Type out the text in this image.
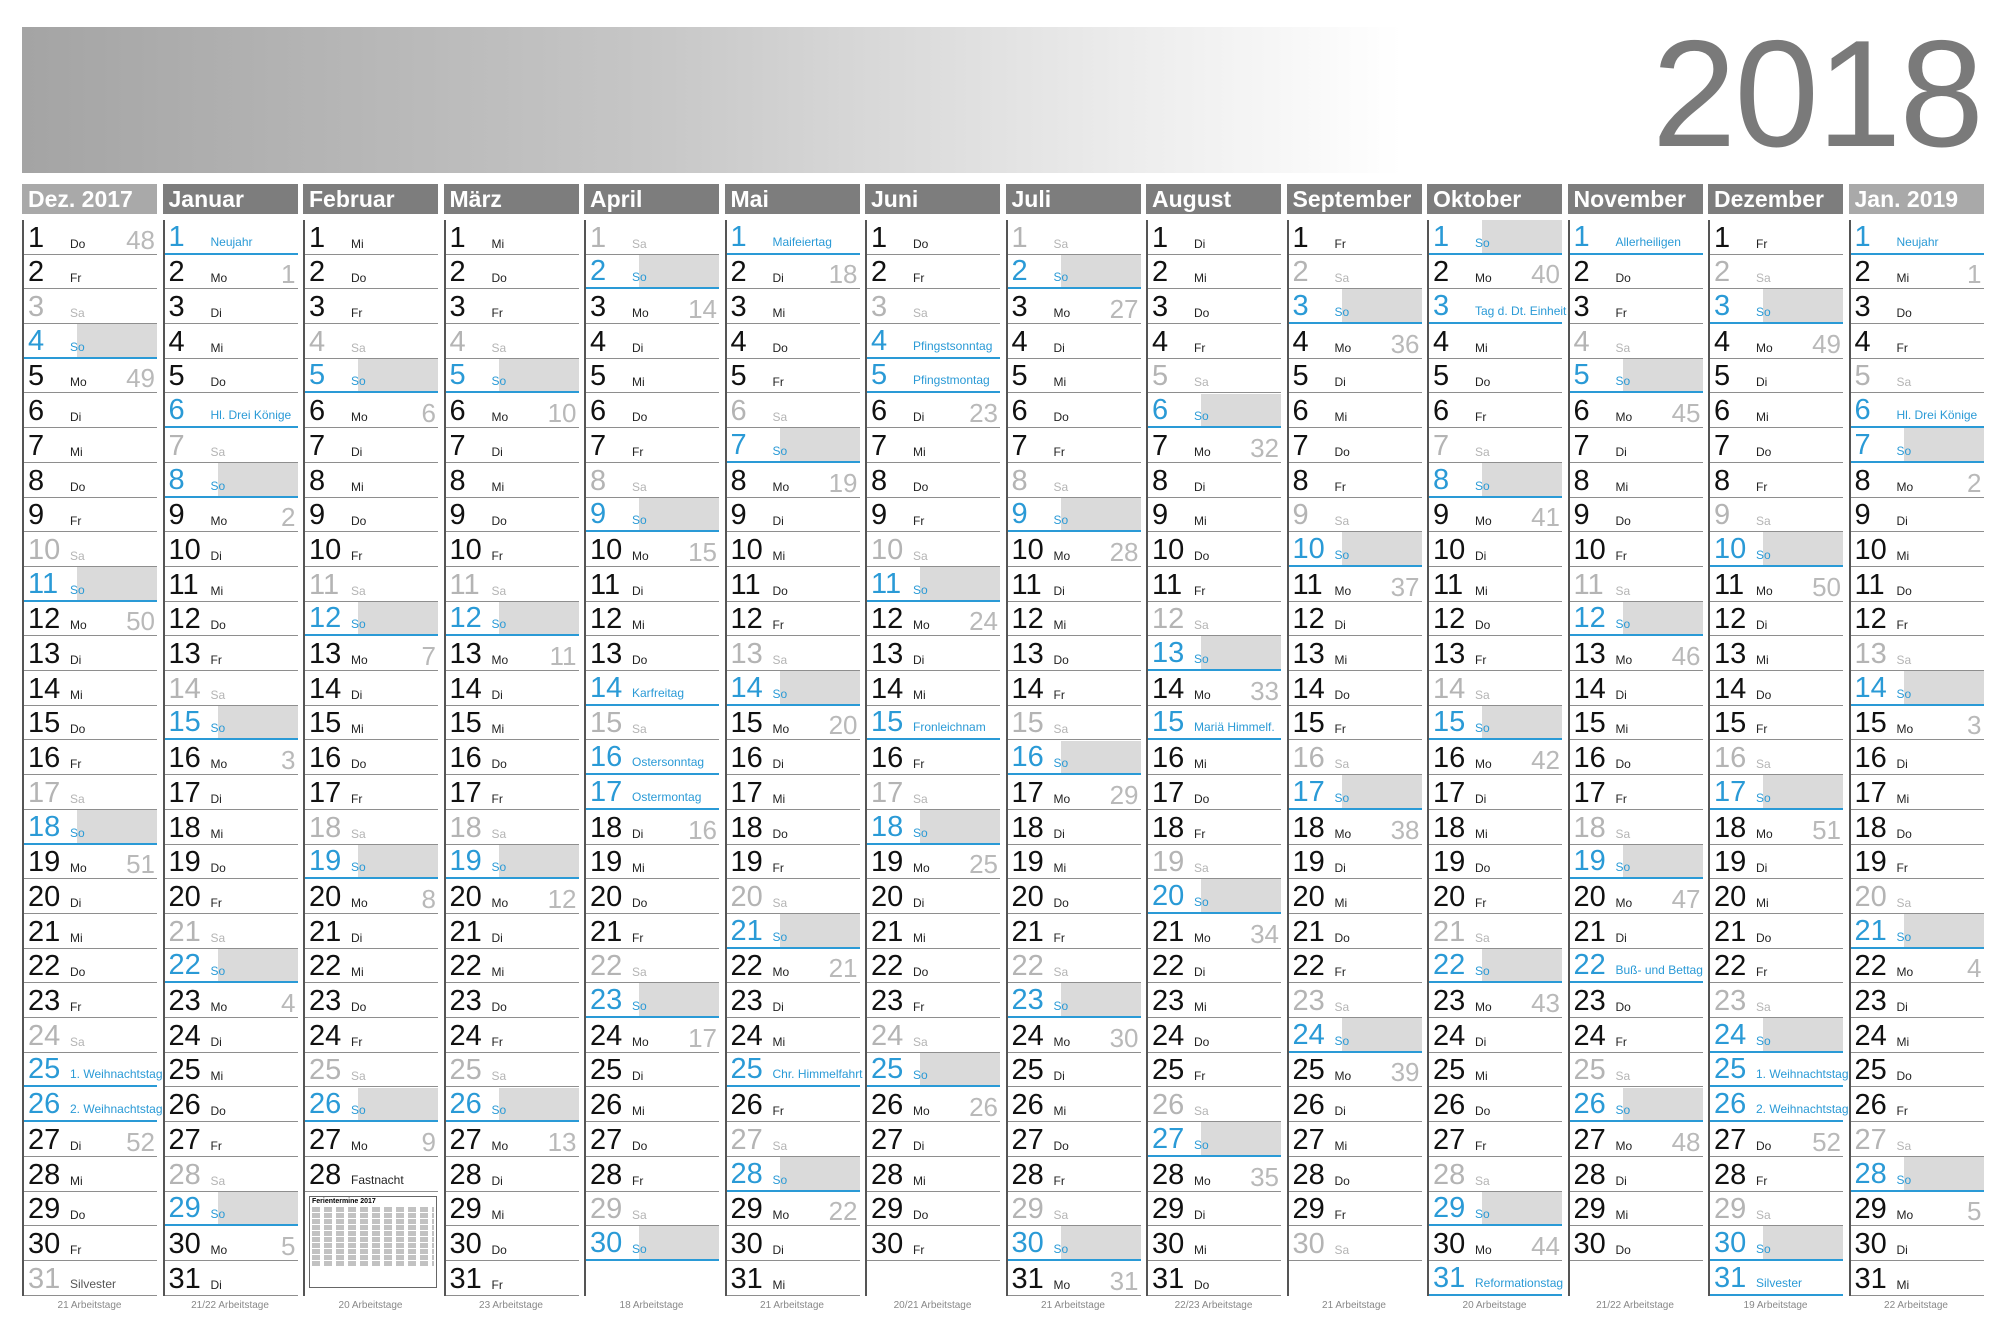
2018
Dez. 2017
1 Do 48
2 Fr
3 Sa
4 So
5 Mo 49
6 Di
7 Mi
8 Do
9 Fr
10 Sa
11 So
12 Mo 50
13 Di
14 Mi
15 Do
16 Fr
17 Sa
18 So
19 Mo 51
20 Di
21 Mi
22 Do
23 Fr
24 Sa
25 1. Weihnachtstag
26 2. Weihnachtstag
27 Di 52
28 Mi
29 Do
30 Fr
31 Silvester
21 Arbeitstage
Januar
1 Neujahr
2 Mo 1
3 Di
4 Mi
5 Do
6 Hl. Drei Könige
7 Sa
8 So
9 Mo 2
10 Di
11 Mi
12 Do
13 Fr
14 Sa
15 So
16 Mo 3
17 Di
18 Mi
19 Do
20 Fr
21 Sa
22 So
23 Mo 4
24 Di
25 Mi
26 Do
27 Fr
28 Sa
29 So
30 Mo 5
31 Di
21/22 Arbeitstage
Februar
1 Mi
2 Do
3 Fr
4 Sa
5 So
6 Mo 6
7 Di
8 Mi
9 Do
10 Fr
11 Sa
12 So
13 Mo 7
14 Di
15 Mi
16 Do
17 Fr
18 Sa
19 So
20 Mo 8
21 Di
22 Mi
23 Do
24 Fr
25 Sa
26 So
27 Mo 9
28 Fastnacht
Ferientermine 2017
20 Arbeitstage
März
1 Mi
2 Do
3 Fr
4 Sa
5 So
6 Mo 10
7 Di
8 Mi
9 Do
10 Fr
11 Sa
12 So
13 Mo 11
14 Di
15 Mi
16 Do
17 Fr
18 Sa
19 So
20 Mo 12
21 Di
22 Mi
23 Do
24 Fr
25 Sa
26 So
27 Mo 13
28 Di
29 Mi
30 Do
31 Fr
23 Arbeitstage
April
1 Sa
2 So
3 Mo 14
4 Di
5 Mi
6 Do
7 Fr
8 Sa
9 So
10 Mo 15
11 Di
12 Mi
13 Do
14 Karfreitag
15 Sa
16 Ostersonntag
17 Ostermontag
18 Di 16
19 Mi
20 Do
21 Fr
22 Sa
23 So
24 Mo 17
25 Di
26 Mi
27 Do
28 Fr
29 Sa
30 So
18 Arbeitstage
Mai
1 Maifeiertag
2 Di 18
3 Mi
4 Do
5 Fr
6 Sa
7 So
8 Mo 19
9 Di
10 Mi
11 Do
12 Fr
13 Sa
14 So
15 Mo 20
16 Di
17 Mi
18 Do
19 Fr
20 Sa
21 So
22 Mo 21
23 Di
24 Mi
25 Chr. Himmelfahrt
26 Fr
27 Sa
28 So
29 Mo 22
30 Di
31 Mi
21 Arbeitstage
Juni
1 Do
2 Fr
3 Sa
4 Pfingstsonntag
5 Pfingstmontag
6 Di 23
7 Mi
8 Do
9 Fr
10 Sa
11 So
12 Mo 24
13 Di
14 Mi
15 Fronleichnam
16 Fr
17 Sa
18 So
19 Mo 25
20 Di
21 Mi
22 Do
23 Fr
24 Sa
25 So
26 Mo 26
27 Di
28 Mi
29 Do
30 Fr
20/21 Arbeitstage
Juli
1 Sa
2 So
3 Mo 27
4 Di
5 Mi
6 Do
7 Fr
8 Sa
9 So
10 Mo 28
11 Di
12 Mi
13 Do
14 Fr
15 Sa
16 So
17 Mo 29
18 Di
19 Mi
20 Do
21 Fr
22 Sa
23 So
24 Mo 30
25 Di
26 Mi
27 Do
28 Fr
29 Sa
30 So
31 Mo 31
21 Arbeitstage
August
1 Di
2 Mi
3 Do
4 Fr
5 Sa
6 So
7 Mo 32
8 Di
9 Mi
10 Do
11 Fr
12 Sa
13 So
14 Mo 33
15 Mariä Himmelf.
16 Mi
17 Do
18 Fr
19 Sa
20 So
21 Mo 34
22 Di
23 Mi
24 Do
25 Fr
26 Sa
27 So
28 Mo 35
29 Di
30 Mi
31 Do
22/23 Arbeitstage
September
1 Fr
2 Sa
3 So
4 Mo 36
5 Di
6 Mi
7 Do
8 Fr
9 Sa
10 So
11 Mo 37
12 Di
13 Mi
14 Do
15 Fr
16 Sa
17 So
18 Mo 38
19 Di
20 Mi
21 Do
22 Fr
23 Sa
24 So
25 Mo 39
26 Di
27 Mi
28 Do
29 Fr
30 Sa
21 Arbeitstage
Oktober
1 So
2 Mo 40
3 Tag d. Dt. Einheit
4 Mi
5 Do
6 Fr
7 Sa
8 So
9 Mo 41
10 Di
11 Mi
12 Do
13 Fr
14 Sa
15 So
16 Mo 42
17 Di
18 Mi
19 Do
20 Fr
21 Sa
22 So
23 Mo 43
24 Di
25 Mi
26 Do
27 Fr
28 Sa
29 So
30 Mo 44
31 Reformationstag
20 Arbeitstage
November
1 Allerheiligen
2 Do
3 Fr
4 Sa
5 So
6 Mo 45
7 Di
8 Mi
9 Do
10 Fr
11 Sa
12 So
13 Mo 46
14 Di
15 Mi
16 Do
17 Fr
18 Sa
19 So
20 Mo 47
21 Di
22 Buß- und Bettag
23 Do
24 Fr
25 Sa
26 So
27 Mo 48
28 Di
29 Mi
30 Do
21/22 Arbeitstage
Dezember
1 Fr
2 Sa
3 So
4 Mo 49
5 Di
6 Mi
7 Do
8 Fr
9 Sa
10 So
11 Mo 50
12 Di
13 Mi
14 Do
15 Fr
16 Sa
17 So
18 Mo 51
19 Di
20 Mi
21 Do
22 Fr
23 Sa
24 So
25 1. Weihnachtstag
26 2. Weihnachtstag
27 Do 52
28 Fr
29 Sa
30 So
31 Silvester
19 Arbeitstage
Jan. 2019
1 Neujahr
2 Mi 1
3 Do
4 Fr
5 Sa
6 Hl. Drei Könige
7 So
8 Mo 2
9 Di
10 Mi
11 Do
12 Fr
13 Sa
14 So
15 Mo 3
16 Di
17 Mi
18 Do
19 Fr
20 Sa
21 So
22 Mo 4
23 Di
24 Mi
25 Do
26 Fr
27 Sa
28 So
29 Mo 5
30 Di
31 Mi
22 Arbeitstage
